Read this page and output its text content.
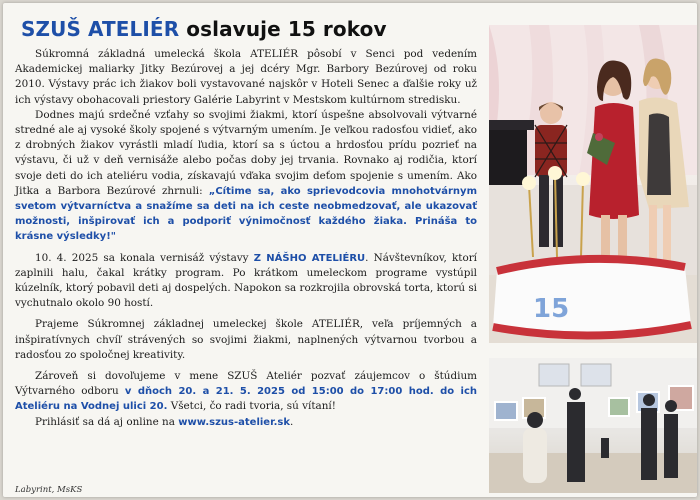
SZUŠ ATELIÉR oslavuje 15 rokov

Súkromná základná umelecká škola ATELIÉR pôsobí v Senci pod vedením Akademickej maliarky Jitky Bezúrovej a jej dcéry Mgr. Barbory Bezúrovej od roku 2010. Výstavy prác ich žiakov boli vystavované najskôr v Hoteli Senec a ďalšie roky už ich výstavy obohacovali priestory Galérie Labyrint v Mestskom kultúrnom stredisku.

Dodnes majú srdečné vzťahy so svojimi žiakmi, ktorí úspešne absolvovali výtvarné stredné ale aj vysoké školy spojené s výtvarným umením. Je veľkou radosťou vidieť, ako z drobných žiakov vyrástli mladí ľudia, ktorí sa s úctou a hrdosťou prídu pozrieť na výstavu, či už v deň vernisáže alebo počas doby jej trvania. Rovnako aj rodičia, ktorí svoje deti do ich ateliéru vodia, získavajú vďaka svojim deťom spojenie s umením. Ako Jitka a Barbora Bezúrové zhrnuli: „Cítime sa, ako sprievodcovia mnohotvárnym svetom výtvarníctva a snažíme sa deti na ich ceste neobmedzovať, ale ukazovať možnosti, inšpirovať ich a podporiť výnimočnosť každého žiaka. Prinášа to krásne výsledky!"

10. 4. 2025 sa konala vernisáž výstavy Z NÁŠHO ATELIÉRU. Návštevníkov, ktorí zaplnili halu, čakal krátky program. Po krátkom umeleckom programe vystúpil kúzelník, ktorý pobavil deti aj dospelých. Napokon sa rozkrojila obrovská torta, ktorú si vychutnalo okolo 90 hostí.

Prajeme Súkromnej základnej umeleckej škole ATELIÉR, veľa príjemných a inšpiratívnych chvíľ strávených so svojimi žiakmi, naplnených výtvarnou tvorbou a radosťou zo spoločnej kreativity.

Zároveň si dovoľujeme v mene SZUŠ Ateliér pozvať záujemcov o štúdium Výtvarného odboru v dňoch 20. a 21. 5. 2025 od 15:00 do 17:00 hod. do ich Ateliéru na Vodnej ulici 20. Všetci, čo radi tvoria, sú vítaní!

Prihlásiť sa dá aj online na www.szus-atelier.sk.

Labyrint, MsKS
15
